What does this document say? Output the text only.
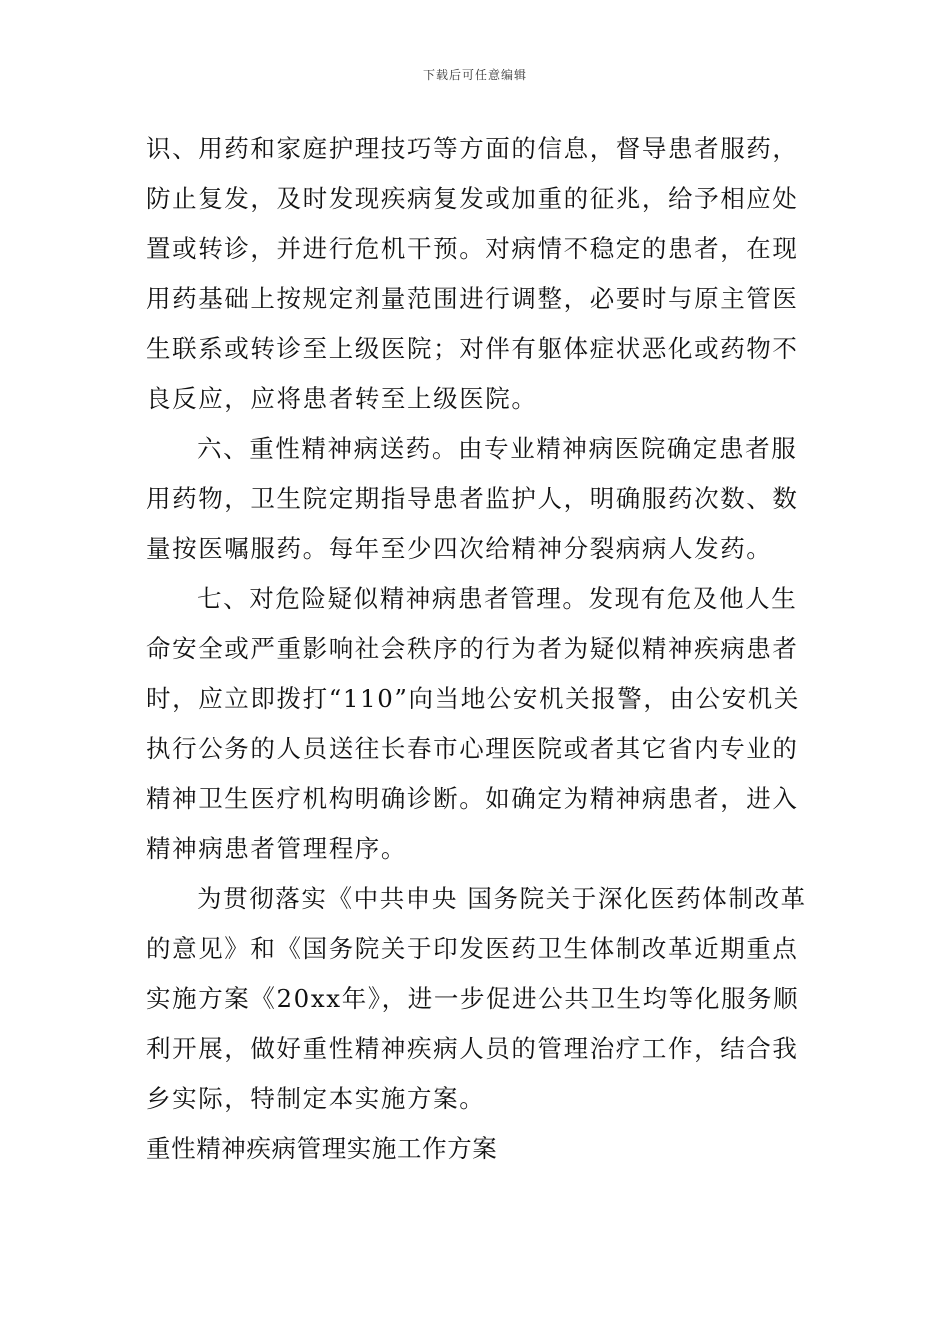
下载后可任意编辑
识、用药和家庭护理技巧等方面的信息，督导患者服药，
防止复发，及时发现疾病复发或加重的征兆，给予相应处
置或转诊，并进行危机干预。对病情不稳定的患者，在现
用药基础上按规定剂量范围进行调整，必要时与原主管医
生联系或转诊至上级医院；对伴有躯体症状恶化或药物不
良反应，应将患者转至上级医院。
六、重性精神病送药。由专业精神病医院确定患者服
用药物，卫生院定期指导患者监护人，明确服药次数、数
量按医嘱服药。每年至少四次给精神分裂病病人发药。
七、对危险疑似精神病患者管理。发现有危及他人生
命安全或严重影响社会秩序的行为者为疑似精神疾病患者
时，应立即拨打“110”向当地公安机关报警，由公安机关
执行公务的人员送往长春市心理医院或者其它省内专业的
精神卫生医疗机构明确诊断。如确定为精神病患者，进入
精神病患者管理程序。
为贯彻落实《中共申央 国务院关于深化医药体制改革
的意见》和《国务院关于印发医药卫生体制改革近期重点
实施方案《20xx年》，进一步促进公共卫生均等化服务顺
利开展，做好重性精神疾病人员的管理治疗工作，结合我
乡实际，特制定本实施方案。
重性精神疾病管理实施工作方案
